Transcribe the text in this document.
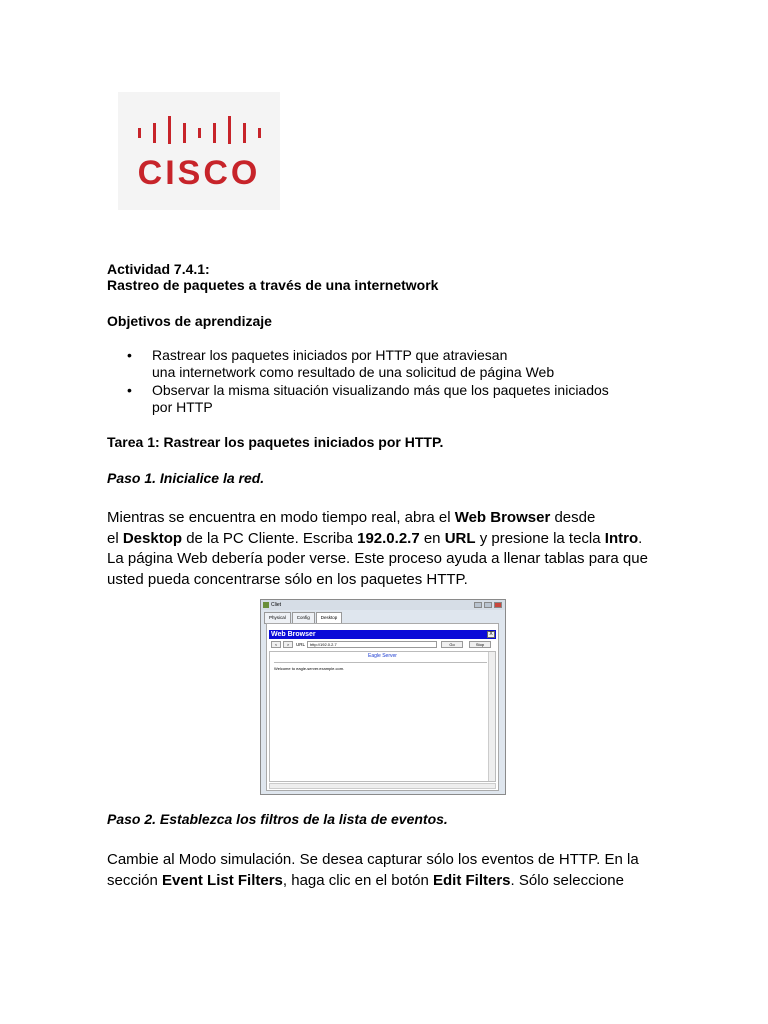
CISCO
Actividad 7.4.1:
Rastreo de paquetes a través de una internetwork
Objetivos de aprendizaje
• Rastrear los paquetes iniciados por HTTP que atraviesan
una internetwork como resultado de una solicitud de página Web
• Observar la misma situación visualizando más que los paquetes iniciados
por HTTP
Tarea 1: Rastrear los paquetes iniciados por HTTP.
Paso 1. Inicialice la red.
Mientras se encuentra en modo tiempo real, abra el Web Browser desde
el Desktop de la PC Cliente. Escriba 192.0.2.7 en URL y presione la tecla Intro.
La página Web debería poder verse. Este proceso ayuda a llenar tablas para que
usted pueda concentrarse sólo en los paquetes HTTP.
Cliet
Physical	Config	Desktop
Web Browser	X
<	>	URL	http://192.0.2.7	Go	Stop
Eagle Server
Welcome to eagle-server.example.com.
Paso 2. Establezca los filtros de la lista de eventos.
Cambie al Modo simulación. Se desea capturar sólo los eventos de HTTP. En la
sección Event List Filters, haga clic en el botón Edit Filters. Sólo seleccione
